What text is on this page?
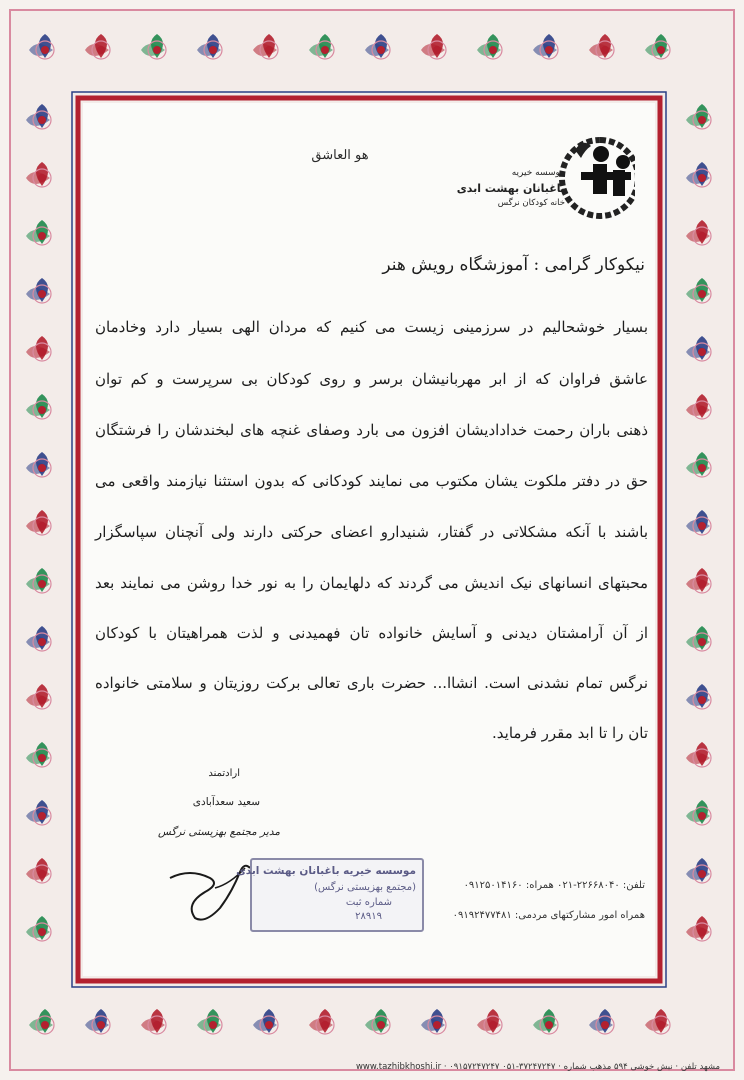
موسسه خیریه
باغبانان بهشت ابدی
خانه کودکان نرگس
هو العاشق
نیکوکار گرامی : آموزشگاه رویش هنر
بسیار خوشحالیم در سرزمینی زیست می کنیم که مردان الهی بسیار دارد وخادمان
عاشق فراوان که از ابر مهربانیشان برسر و روی کودکان بی سرپرست و کم توان
ذهنی باران رحمت خدادادیشان افزون می بارد وصفای غنچه های لبخندشان را فرشتگان
حق در دفتر ملکوت یشان مکتوب می نمایند کودکانی که بدون استثنا نیازمند واقعی می
باشند با آنکه مشکلاتی در گفتار، شنیدارو اعضای حرکتی دارند ولی آنچنان سپاسگزار
محبتهای انسانهای نیک اندیش می گردند که دلهایمان را به نور خدا روشن می نمایند بعد
از آن آرامشتان دیدنی و آسایش خانواده تان فهمیدنی و لذت همراهیتان با کودکان
نرگس تمام نشدنی است. انشاا... حضرت باری تعالی برکت روزیتان و سلامتی خانواده
تان را تا ابد مقرر فرماید.
ارادتمند
سعید سعدآبادی
مدیر مجتمع بهزیستی نرگس
موسسه خیریه باغبانان بهشت ابدی
(مجتمع بهزیستی نرگس)
شماره ثبت
۲۸۹۱۹
تلفن: ۲۲۶۶۸۰۴۰-۰۲۱ همراه: ۰۹۱۲۵۰۱۴۱۶۰
همراه امور مشارکتهای مردمی: ۰۹۱۹۲۴۷۷۴۸۱
www.tazhibkhoshi.ir · ۰۹۱۵۷۲۴۷۲۴۷ ۰۵۱-۳۷۲۴۷۲۴۷ · مشهد تلفن · نبش خوشی ۵۹۴ مذهب شماره
